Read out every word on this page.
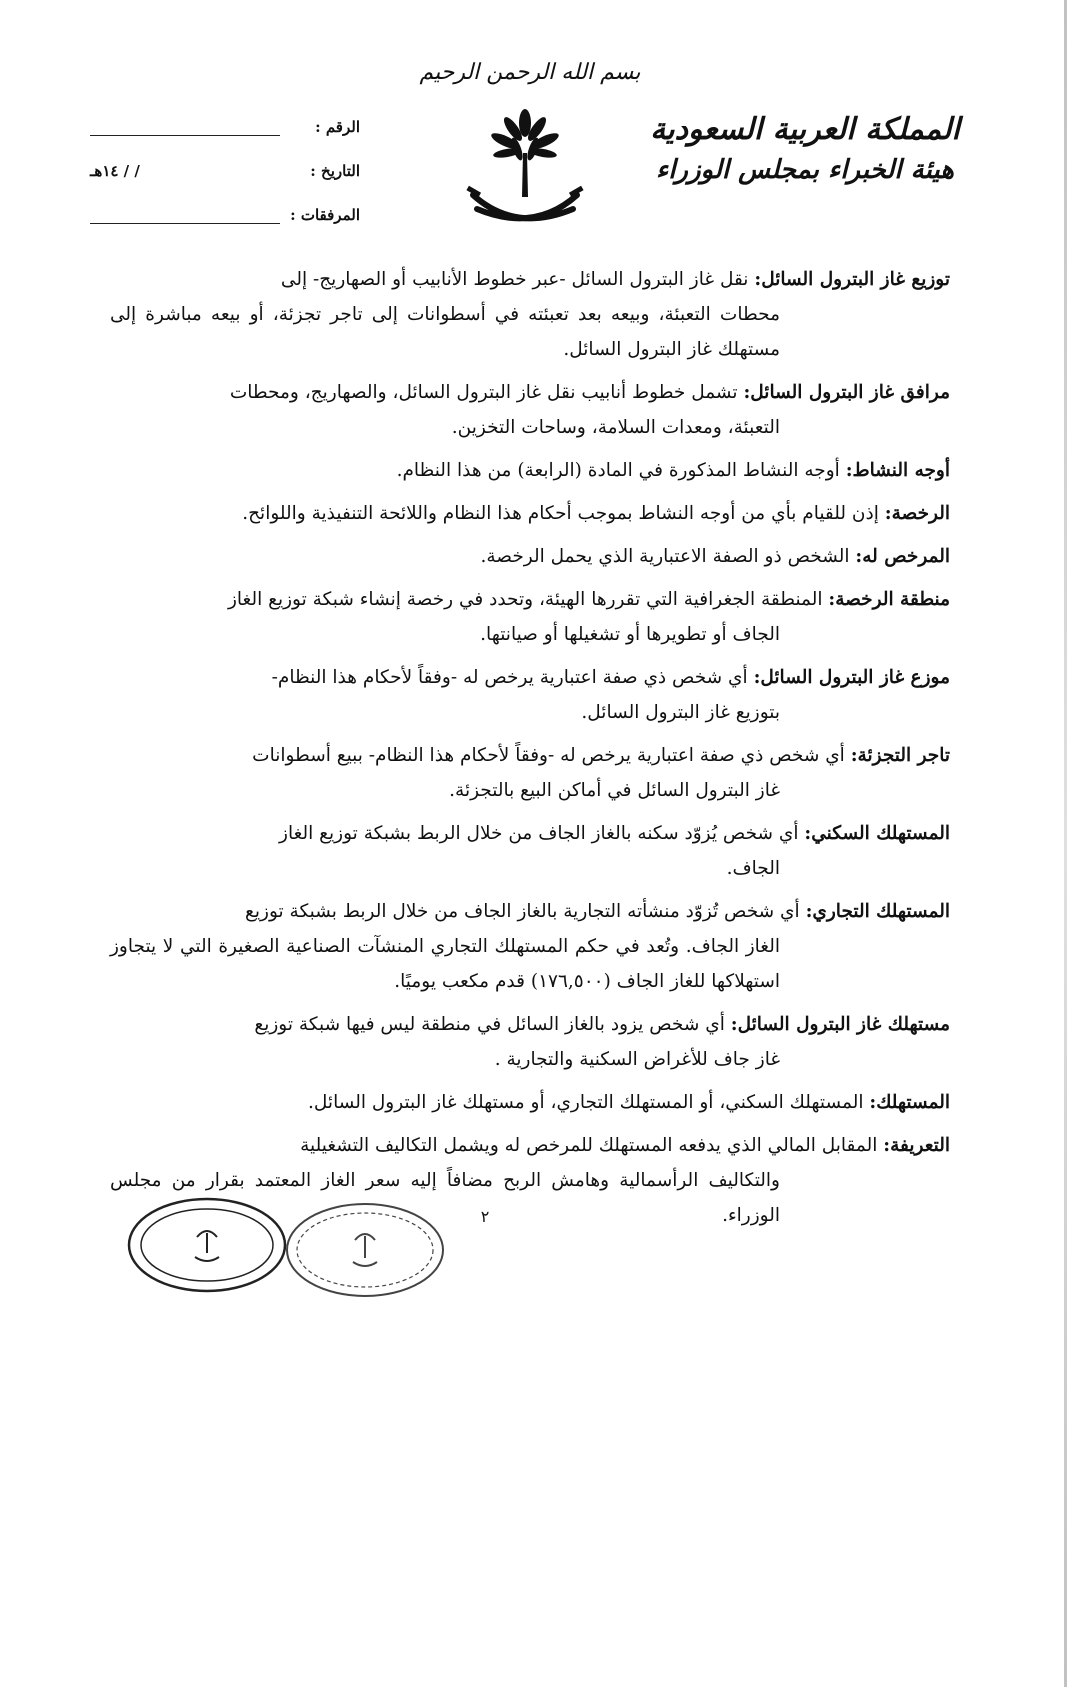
بسم الله الرحمن الرحيم
المملكة العربية السعودية
هيئة الخبراء بمجلس الوزراء
الرقم :
التاريخ :
/ / ١٤هـ
المرفقات :

توزيع غاز البترول السائل: نقل غاز البترول السائل -عبر خطوط الأنابيب أو الصهاريج- إلى
محطات التعبئة، وبيعه بعد تعبئته في أسطوانات إلى تاجر تجزئة، أو بيعه مباشرة إلى مستهلك غاز البترول السائل.

مرافق غاز البترول السائل: تشمل خطوط أنابيب نقل غاز البترول السائل، والصهاريج، ومحطات
التعبئة، ومعدات السلامة، وساحات التخزين.

أوجه النشاط: أوجه النشاط المذكورة في المادة (الرابعة) من هذا النظام.

الرخصة: إذن للقيام بأي من أوجه النشاط بموجب أحكام هذا النظام واللائحة التنفيذية واللوائح.

المرخص له: الشخص ذو الصفة الاعتبارية الذي يحمل الرخصة.

منطقة الرخصة: المنطقة الجغرافية التي تقررها الهيئة، وتحدد في رخصة إنشاء شبكة توزيع الغاز
الجاف أو تطويرها أو تشغيلها أو صيانتها.

موزع غاز البترول السائل: أي شخص ذي صفة اعتبارية يرخص له -وفقاً لأحكام هذا النظام-
بتوزيع غاز البترول السائل.

تاجر التجزئة: أي شخص ذي صفة اعتبارية يرخص له -وفقاً لأحكام هذا النظام- ببيع أسطوانات
غاز البترول السائل في أماكن البيع بالتجزئة.

المستهلك السكني: أي شخص يُزوّد سكنه بالغاز الجاف من خلال الربط بشبكة توزيع الغاز
الجاف.

المستهلك التجاري: أي شخص تُزوّد منشأته التجارية بالغاز الجاف من خلال الربط بشبكة توزيع
الغاز الجاف. وتُعد في حكم المستهلك التجاري المنشآت الصناعية الصغيرة التي لا يتجاوز استهلاكها للغاز الجاف (١٧٦,٥٠٠) قدم مكعب يوميًا.

مستهلك غاز البترول السائل: أي شخص يزود بالغاز السائل في منطقة ليس فيها شبكة توزيع
غاز جاف للأغراض السكنية والتجارية .

المستهلك: المستهلك السكني، أو المستهلك التجاري، أو مستهلك غاز البترول السائل.

التعريفة: المقابل المالي الذي يدفعه المستهلك للمرخص له ويشمل التكاليف التشغيلية
والتكاليف الرأسمالية وهامش الربح مضافاً إليه سعر الغاز المعتمد بقرار من مجلس الوزراء.

٢
